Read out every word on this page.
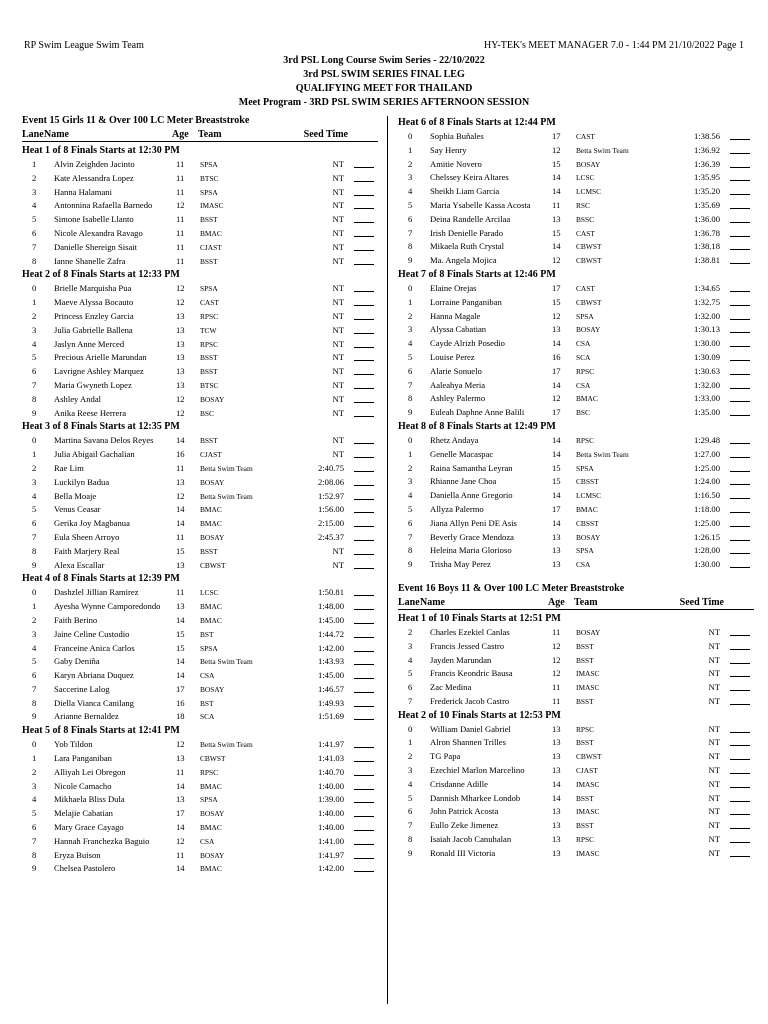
RP Swim League Swim Team	HY-TEK's MEET MANAGER 7.0 - 1:44 PM 21/10/2022 Page 1
3rd PSL Long Course Swim Series - 22/10/2022
3rd PSL SWIM SERIES FINAL LEG
QUALIFYING MEET FOR THAILAND
Meet Program - 3RD PSL SWIM SERIES AFTERNOON SESSION
Event 15 Girls 11 & Over 100 LC Meter Breaststroke
Lane Name	Age Team	Seed Time
Heat 1 of 8 Finals Starts at 12:30 PM
1	Alvin Zeighden Jacinto	11	SPSA	NT
2	Kate Alessandra Lopez	11	BTSC	NT
3	Hanna Halamani	11	SPSA	NT
4	Antonnina Rafaella Barnedo	12	IMASC	NT
5	Simone Isabelle Llanto	11	BSST	NT
6	Nicole Alexandra Ravago	11	BMAC	NT
7	Danielle Shereign Sisait	11	CJAST	NT
8	Ianne Shanelle Zafra	11	BSST	NT
Heat 2 of 8 Finals Starts at 12:33 PM
0	Brielle Marquisha Pua	12	SPSA	NT
1	Maeve Alyssa Bocauto	12	CAST	NT
2	Princess Enzley Garcia	13	RPSC	NT
3	Julia Gabrielle Ballena	13	TCW	NT
4	Jaslyn Anne Merced	13	RPSC	NT
5	Precious Arielle Marundan	13	BSST	NT
6	Lavrigne Ashley Marquez	13	BSST	NT
7	Maria Gwyneth Lopez	13	BTSC	NT
8	Ashley Andal	12	BOSAY	NT
9	Anika Reese Herrera	12	BSC	NT
Heat 3 of 8 Finals Starts at 12:35 PM
0	Martina Savana Delos Reyes	14	BSST	NT
1	Julia Abigail Gachalian	16	CJAST	NT
2	Rae Lim	11	Betta Swim Team	2:40.75
3	Luckilyn Badua	13	BOSAY	2:08.06
4	Bella Moaje	12	Betta Swim Team	1:52.97
5	Venus Ceasar	14	BMAC	1:56.00
6	Gerika Joy Magbanua	14	BMAC	2:15.00
7	Eula Sheen Arroyo	11	BOSAY	2:45.37
8	Faith Marjery Real	15	BSST	NT
9	Alexa Escallar	13	CBWST	NT
Heat 4 of 8 Finals Starts at 12:39 PM
0	Dashzlel Jillian Ramirez	11	LCSC	1:50.81
1	Ayesha Wynne Camporedondo	13	BMAC	1:48.00
2	Faith Berino	14	BMAC	1:45.00
3	Jaine Celine Custodio	15	BST	1:44.72
4	Franceine Anica Carlos	15	SPSA	1:42.00
5	Gaby Deniña	14	Betta Swim Team	1:43.93
6	Karyn Abriana Duquez	14	CSA	1:45.00
7	Saccerine Lalog	17	BOSAY	1:46.57
8	Diella Vianca Canilang	16	BST	1:49.93
9	Arianne Bernaldez	18	SCA	1:51.69
Heat 5 of 8 Finals Starts at 12:41 PM
0	Yob Tildon	12	Betta Swim Team	1:41.97
1	Lara Panganiban	13	CBWST	1:41.03
2	Alliyah Lei Obregon	11	RPSC	1:40.70
3	Nicole Camacho	14	BMAC	1:40.00
4	Mikhaela Bliss Dula	13	SPSA	1:39.00
5	Melajie Cabatian	17	BOSAY	1:40.00
6	Mary Grace Cayago	14	BMAC	1:40.00
7	Hannah Franchezka Baguio	12	CSA	1:41.00
8	Eryza Buison	11	BOSAY	1:41.97
9	Chelsea Pastolero	14	BMAC	1:42.00
Heat 6 of 8 Finals Starts at 12:44 PM
0	Sophia Buñales	17	CAST	1:38.56
1	Say Henry	12	Betta Swim Team	1:36.92
2	Amitie Novero	15	BOSAY	1:36.39
3	Chelssey Keira Altares	14	LCSC	1:35.95
4	Sheikh Liam Garcia	14	LCMSC	1:35.20
5	Maria Ysabelle Kassa Acosta	11	RSC	1:35.69
6	Deina Randelle Arcilaa	13	BSSC	1:36.00
7	Irish Denielle Parado	15	CAST	1:36.78
8	Mikaela Ruth Crystal	14	CBWST	1:38.18
9	Ma. Angela Mojica	12	CBWST	1:38.81
Heat 7 of 8 Finals Starts at 12:46 PM
0	Elaine Orejas	17	CAST	1:34.65
1	Lorraine Panganiban	15	CBWST	1:32.75
2	Hanna Magale	12	SPSA	1:32.00
3	Alyssa Cabatian	13	BOSAY	1:30.13
4	Cayde Alrizh Posedio	14	CSA	1:30.00
5	Louise Perez	16	SCA	1:30.09
6	Alarie Sonuelo	17	RPSC	1:30.63
7	Aaleahya Meria	14	CSA	1:32.00
8	Ashley Palermo	12	BMAC	1:33.00
9	Euleah Daphne Anne Balili	17	BSC	1:35.00
Heat 8 of 8 Finals Starts at 12:49 PM
0	Rhetz Andaya	14	RPSC	1:29.48
1	Genelle Macaspac	14	Betta Swim Team	1:27.00
2	Raina Samantha Leyran	15	SPSA	1:25.00
3	Rhianne Jane Choa	15	CBSST	1:24.00
4	Daniella Anne Gregorio	14	LCMSC	1:16.50
5	Allyza Palermo	17	BMAC	1:18.00
6	Jiana Allyn Peni DE Asis	14	CBSST	1:25.00
7	Beverly Grace Mendoza	13	BOSAY	1:26.15
8	Heleina Maria Glorioso	13	SPSA	1:28.00
9	Trisha May Perez	13	CSA	1:30.00
Event 16 Boys 11 & Over 100 LC Meter Breaststroke
Lane Name	Age Team	Seed Time
Heat 1 of 10 Finals Starts at 12:51 PM
2	Charles Ezekiel Canlas	11	BOSAY	NT
3	Francis Jessed Castro	12	BSST	NT
4	Jayden Marundan	12	BSST	NT
5	Francis Keondric Bausa	12	IMASC	NT
6	Zac Medina	11	IMASC	NT
7	Frederick Jacob Castro	11	BSST	NT
Heat 2 of 10 Finals Starts at 12:53 PM
0	William Daniel Gabriel	13	RPSC	NT
1	Alron Shannen Trilles	13	BSST	NT
2	TG Papa	13	CBWST	NT
3	Ezechiel Marlon Marcelino	13	CJAST	NT
4	Crisdanne Adille	14	IMASC	NT
5	Dannish Mharkee Londob	14	BSST	NT
6	John Patrick Acosta	13	IMASC	NT
7	Eullo Zeke Jimenez	13	BSST	NT
8	Isaiah Jacob Canuhalan	13	RPSC	NT
9	Ronald III Victoria	13	IMASC	NT
